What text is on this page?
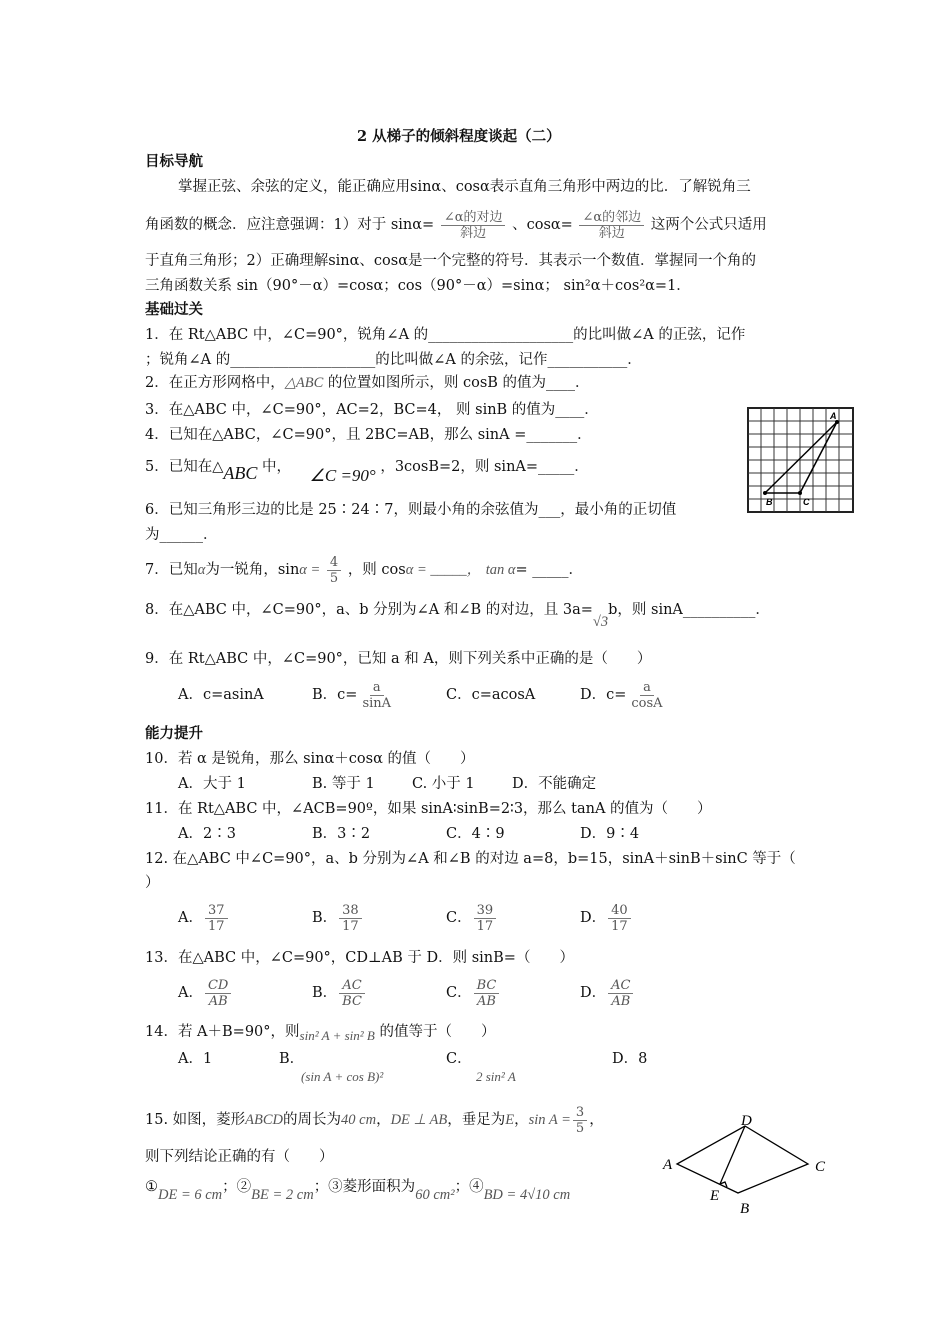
2 从梯子的倾斜程度谈起（二）
目标导航
掌握正弦、余弦的定义，能正确应用sinα、cosα表示直角三角形中两边的比．了解锐角三
角函数的概念．应注意强调：1）对于 $\sin\alpha= \frac{\text{∠α的对边}}{\text{斜边}}$ 、$\cos\alpha= \frac{\text{∠α的邻边}}{\text{斜边}}$ 这两个公式只适用
于直角三角形；2）正确理解sinα、cosα是一个完整的符号．其表示一个数值．掌握同一个角的
三角函数关系 sin（90°－α）=cosα；cos（90°－α）=sinα； sin²α＋cos²α=1．
基础过关
1．在 Rt△ABC 中，∠C=90°，锐角∠A 的____________________的比叫做∠A 的正弦，记作
；锐角∠A 的____________________的比叫做∠A 的余弦，记作___________．
2．在正方形网格中，△ABC 的位置如图所示，则 cosB 的值为____．
3．在△ABC 中，∠C=90°，AC=2，BC=4， 则 sinB 的值为____．
4．已知在△ABC，∠C=90°，且 2BC=AB，那么 sinA =_______．
5．已知在△ABC 中， ∠C =90° ，3cosB=2，则 sinA=_____．
6．已知三角形三边的比是 25∶24∶7，则最小角的余弦值为___，最小角的正切值
为______．
7．已知α为一锐角，$\sin\alpha = \frac{4}{5}$ ，则 cosα = _____， tan α= _____．
8．在△ABC 中，∠C=90°，a、b 分别为∠A 和∠B 的对边，且 3a=√3b，则 sinA__________．
9．在 Rt△ABC 中，∠C=90°，已知 a 和 A，则下列关系中正确的是（　　）
A．c=asinA	B．$c= \frac{a}{\sin A}$	C．c=acosA	D．$c= \frac{a}{\cos A}$
能力提升
10．若 α 是锐角，那么 sinα＋cosα 的值（　　）
A．大于 1	B. 等于 1	C. 小于 1	D．不能确定
11．在 Rt△ABC 中，∠ACB=90º，如果 sinA∶sinB=2∶3，那么 tanA 的值为（　　）
A．2∶3	B．3∶2	C．4∶9	D．9∶4
12. 在△ABC 中∠C=90°，a、b 分别为∠A 和∠B 的对边 a=8，b=15，sinA＋sinB＋sinC 等于（
）
A． $\frac{37}{17}$	B． $\frac{38}{17}$	C． $\frac{39}{17}$	D． $\frac{40}{17}$
13．在△ABC 中，∠C=90°，CD⊥AB 于 D．则 sinB=（　　）
A． $\frac{CD}{AB}$	B． $\frac{AC}{BC}$	C． $\frac{BC}{AB}$	D． $\frac{AC}{AB}$
14．若 A＋B=90°，则sin² A + sin² B 的值等于（　　）
A．1	B．
(sin A + cos B)²
C．
2 sin² A
D．8
15. 如图，菱形ABCD的周长为40 cm，DE ⊥ AB，垂足为E，$\sin A = \frac{3}{5}$ ，
则下列结论正确的有（　　）
①DE = 6 cm；②BE = 2 cm；③菱形面积为60 cm²；④BD = 4√10 cm
A
B	C
D
A	C
E
B
